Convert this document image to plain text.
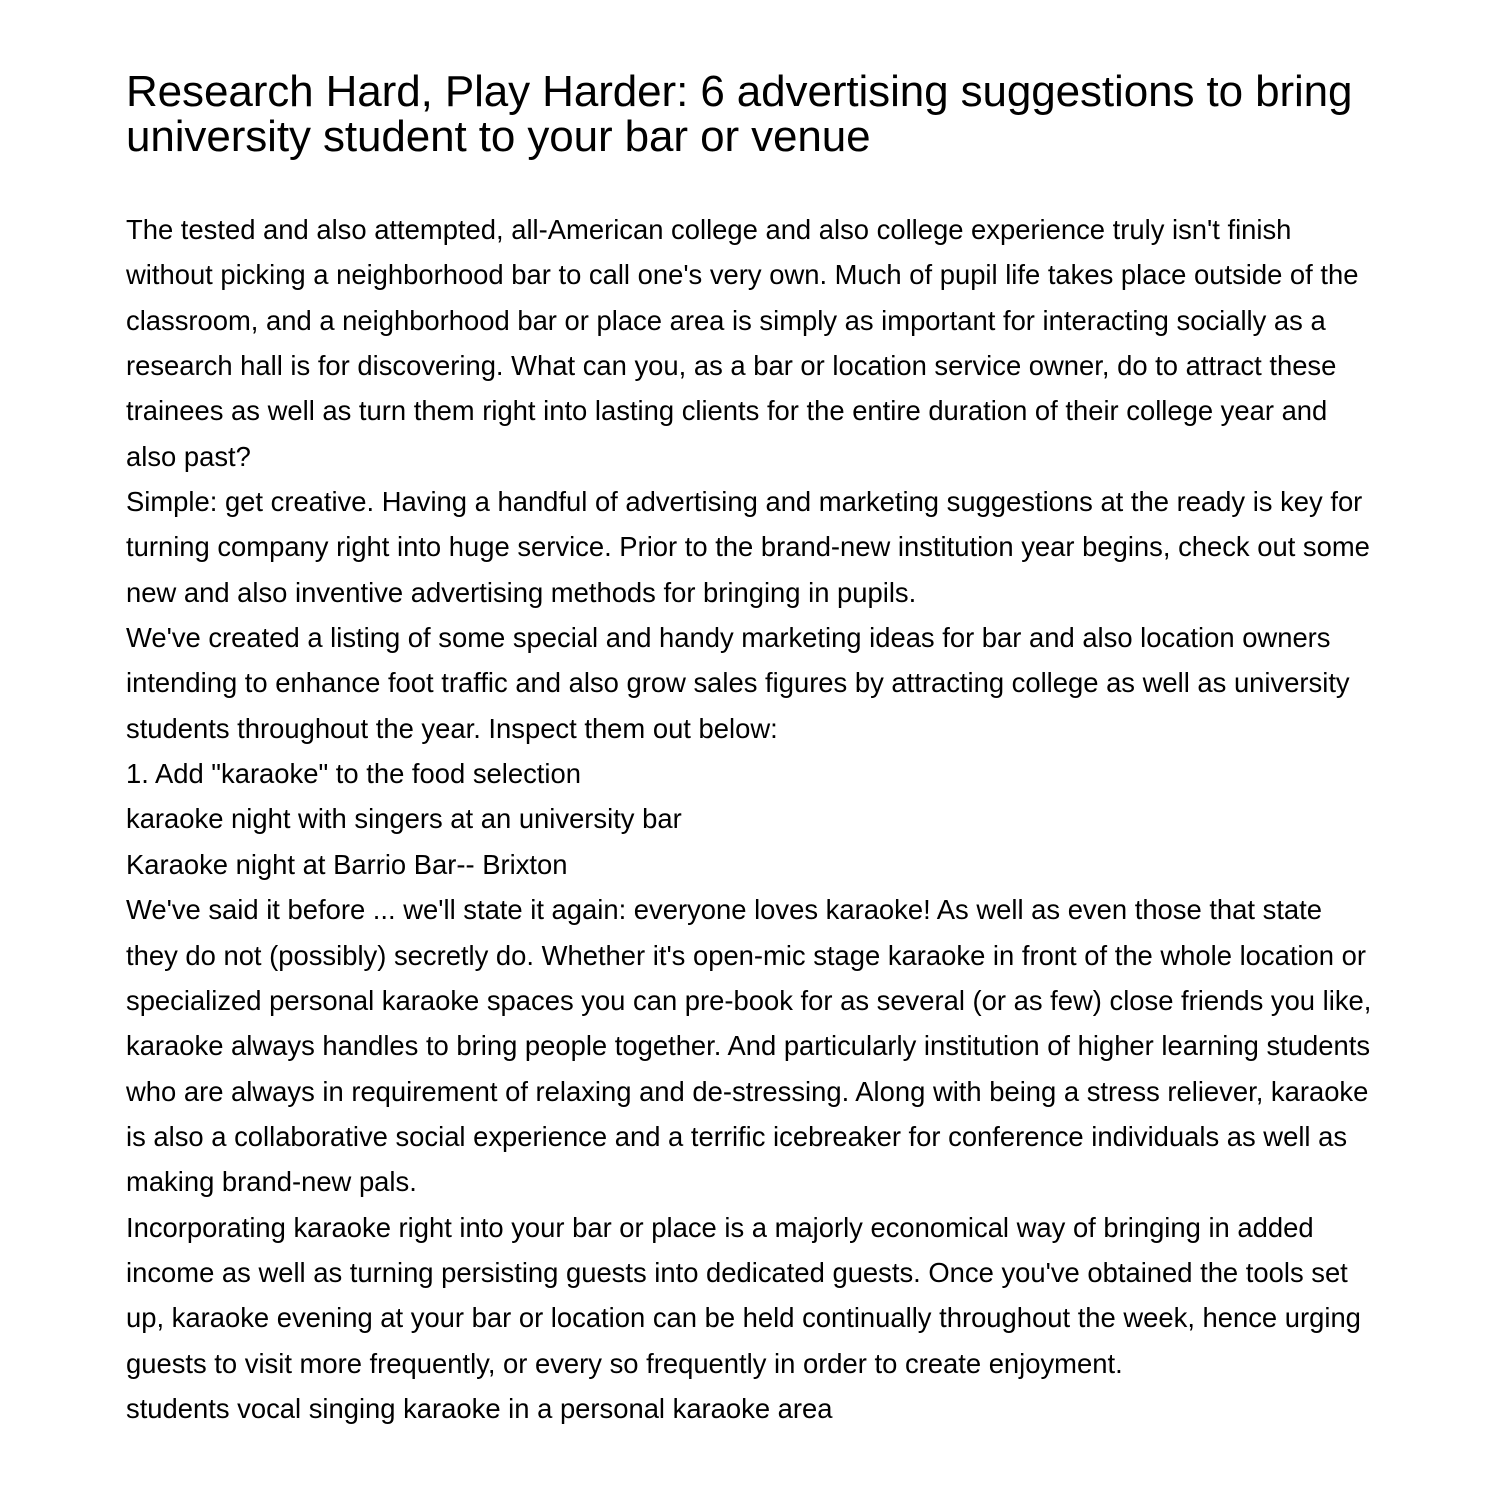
Research Hard, Play Harder: 6 advertising suggestions to bring university student to your bar or venue

The tested and also attempted, all-American college and also college experience truly isn't finish without picking a neighborhood bar to call one's very own. Much of pupil life takes place outside of the classroom, and a neighborhood bar or place area is simply as important for interacting socially as a research hall is for discovering. What can you, as a bar or location service owner, do to attract these trainees as well as turn them right into lasting clients for the entire duration of their college year and also past?

Simple: get creative. Having a handful of advertising and marketing suggestions at the ready is key for turning company right into huge service. Prior to the brand-new institution year begins, check out some new and also inventive advertising methods for bringing in pupils.

We've created a listing of some special and handy marketing ideas for bar and also location owners intending to enhance foot traffic and also grow sales figures by attracting college as well as university students throughout the year. Inspect them out below:

1. Add "karaoke" to the food selection

karaoke night with singers at an university bar

Karaoke night at Barrio Bar-- Brixton

We've said it before ... we'll state it again: everyone loves karaoke! As well as even those that state they do not (possibly) secretly do. Whether it's open-mic stage karaoke in front of the whole location or specialized personal karaoke spaces you can pre-book for as several (or as few) close friends you like, karaoke always handles to bring people together. And particularly institution of higher learning students who are always in requirement of relaxing and de-stressing. Along with being a stress reliever, karaoke is also a collaborative social experience and a terrific icebreaker for conference individuals as well as making brand-new pals.

Incorporating karaoke right into your bar or place is a majorly economical way of bringing in added income as well as turning persisting guests into dedicated guests. Once you've obtained the tools set up, karaoke evening at your bar or location can be held continually throughout the week, hence urging guests to visit more frequently, or every so frequently in order to create enjoyment.

students vocal singing karaoke in a personal karaoke area
